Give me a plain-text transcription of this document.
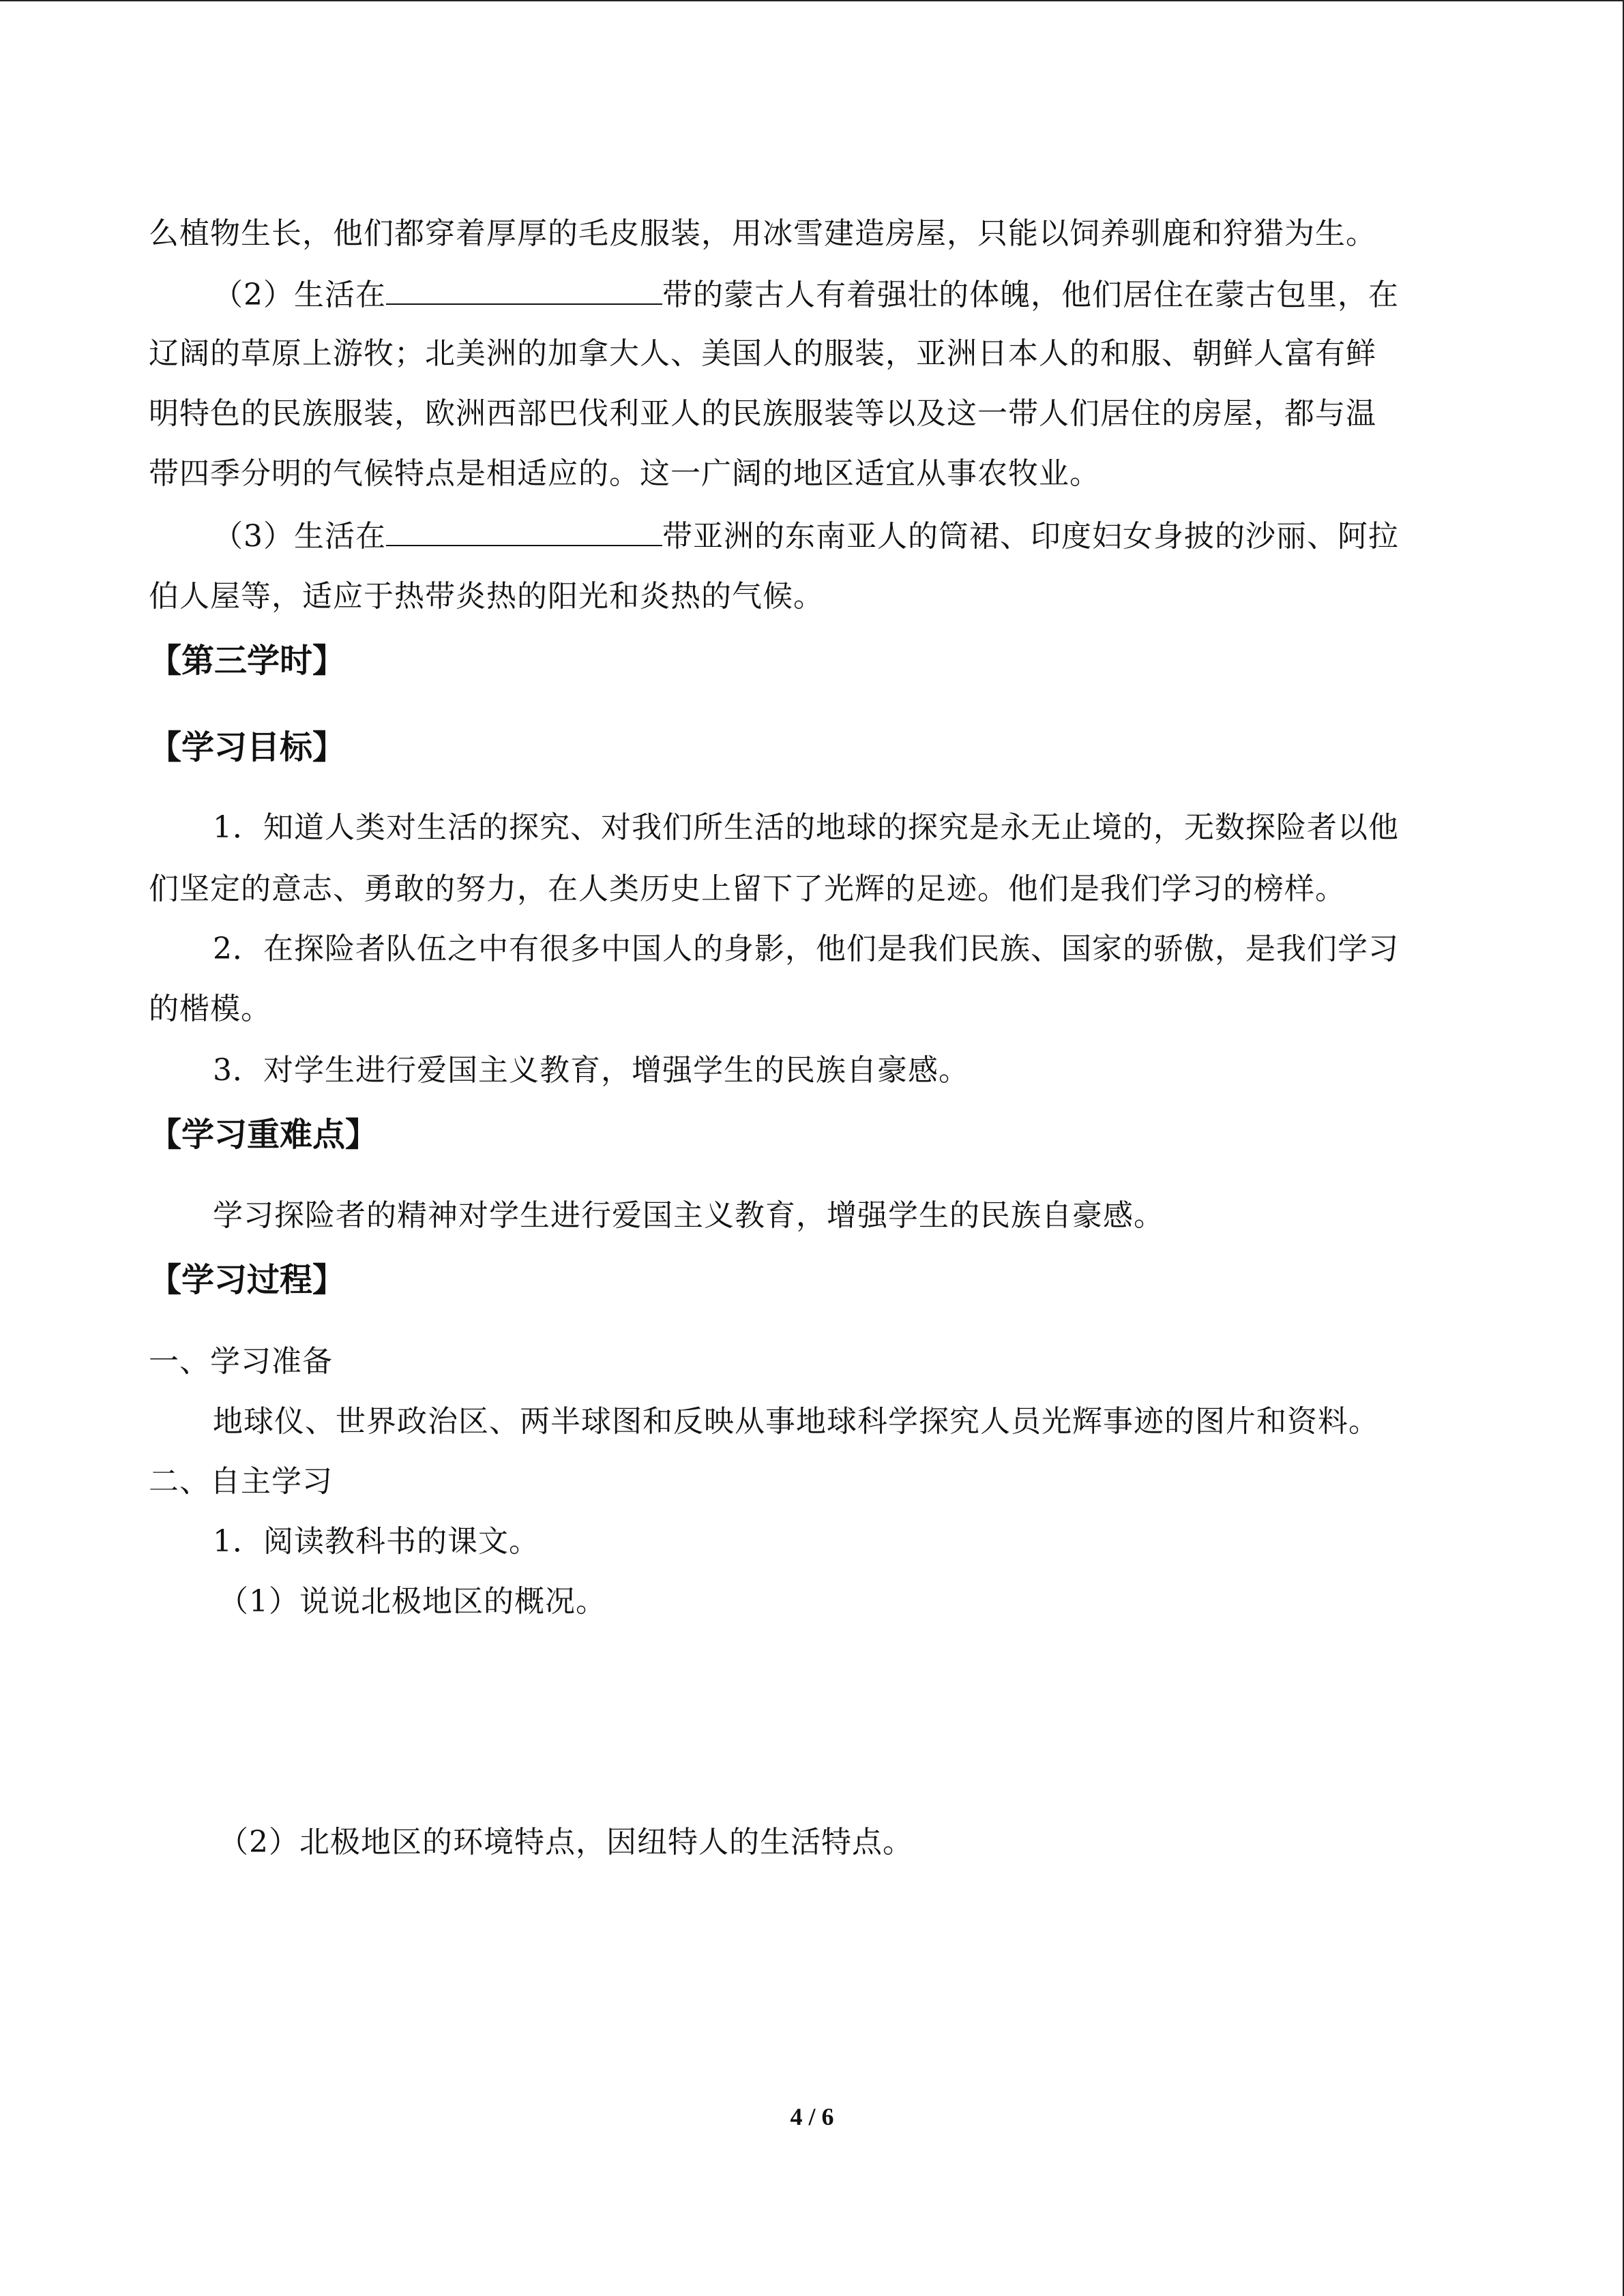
么植物生长，他们都穿着厚厚的毛皮服装，用冰雪建造房屋，只能以饲养驯鹿和狩猎为生。
（2）生活在	带的蒙古人有着强壮的体魄，他们居住在蒙古包里，在
辽阔的草原上游牧；北美洲的加拿大人、美国人的服装，亚洲日本人的和服、朝鲜人富有鲜
明特色的民族服装，欧洲西部巴伐利亚人的民族服装等以及这一带人们居住的房屋，都与温
带四季分明的气候特点是相适应的。这一广阔的地区适宜从事农牧业。
（3）生活在	带亚洲的东南亚人的筒裙、印度妇女身披的沙丽、阿拉
伯人屋等，适应于热带炎热的阳光和炎热的气候。
【第三学时】
【学习目标】
1．知道人类对生活的探究、对我们所生活的地球的探究是永无止境的，无数探险者以他
们坚定的意志、勇敢的努力，在人类历史上留下了光辉的足迹。他们是我们学习的榜样。
2．在探险者队伍之中有很多中国人的身影，他们是我们民族、国家的骄傲，是我们学习
的楷模。
3．对学生进行爱国主义教育，增强学生的民族自豪感。
【学习重难点】
学习探险者的精神对学生进行爱国主义教育，增强学生的民族自豪感。
【学习过程】
一、学习准备
地球仪、世界政治区、两半球图和反映从事地球科学探究人员光辉事迹的图片和资料。
二、自主学习
1．阅读教科书的课文。
（1）说说北极地区的概况。
（2）北极地区的环境特点，因纽特人的生活特点。
4 / 6
